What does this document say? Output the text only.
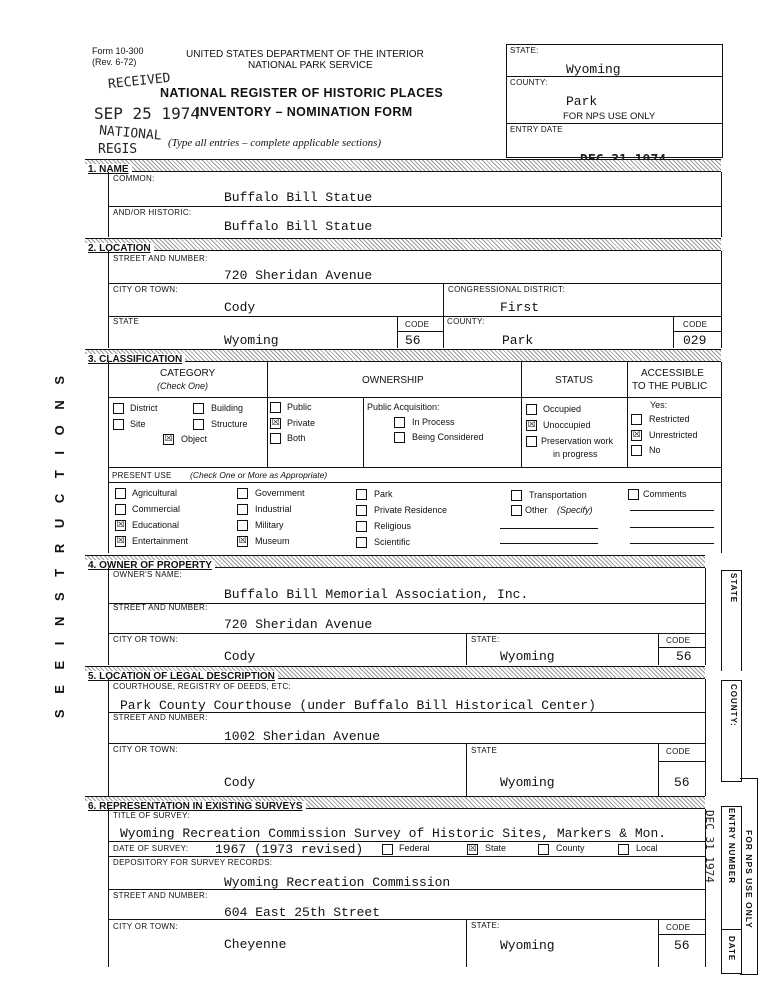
Form 10-300
(Rev. 6-72)
UNITED STATES DEPARTMENT OF THE INTERIOR
NATIONAL PARK SERVICE
NATIONAL REGISTER OF HISTORIC PLACES
INVENTORY – NOMINATION FORM
(Type all entries – complete applicable sections)
RECEIVED
SEP 25 1974
NATIONAL
REGIS
STATE:
Wyoming
COUNTY:
Park
FOR NPS USE ONLY
ENTRY DATE
S E E I N S T R U C T I O N S
1. NAME
COMMON:
Buffalo Bill Statue
AND/OR HISTORIC:
Buffalo Bill Statue
2. LOCATION
STREET AND NUMBER:
720 Sheridan Avenue
CITY OR TOWN:
Cody
CONGRESSIONAL DISTRICT:
First
STATE
Wyoming
CODE
56
COUNTY:
Park
CODE
029
3. CLASSIFICATION
CATEGORY
(Check One)	OWNERSHIP	STATUS
ACCESSIBLE
TO THE PUBLIC
District	Building
Site	Structure
☒ Object
Public
☒ Private
Both
Public Acquisition:
In Process
Being Considered
Occupied
☒ Unoccupied
Preservation work
in progress
Yes:
Restricted
☒ Unrestricted
No
PRESENT USE (Check One or More as Appropriate)
Agricultural
Commercial
☒ Educational
☒ Entertainment
Government
Industrial
Military
☒ Museum
Park
Private Residence
Religious
Scientific
Transportation
Other (Specify)
Comments
4. OWNER OF PROPERTY
OWNER'S NAME:
Buffalo Bill Memorial Association, Inc.
STREET AND NUMBER:
720 Sheridan Avenue
CITY OR TOWN:
Cody
STATE:
Wyoming
CODE
56
STATE
5. LOCATION OF LEGAL DESCRIPTION
COURTHOUSE, REGISTRY OF DEEDS, ETC:
Park County Courthouse (under Buffalo Bill Historical Center)
STREET AND NUMBER:
1002 Sheridan Avenue
CITY OR TOWN:
Cody
STATE
Wyoming
CODE
56
COUNTY:
6. REPRESENTATION IN EXISTING SURVEYS
TITLE OF SURVEY:
Wyoming Recreation Commission Survey of Historic Sites, Markers & Mon.
DATE OF SURVEY: 1967 (1973 revised)	Federal	☒ State	County	Local
DEPOSITORY FOR SURVEY RECORDS:
Wyoming Recreation Commission
STREET AND NUMBER:
604 East 25th Street
CITY OR TOWN:
Cheyenne
STATE:
Wyoming
CODE
56
ENTRY NUMBER
DATE
FOR NPS USE ONLY
DEC 31 1974
